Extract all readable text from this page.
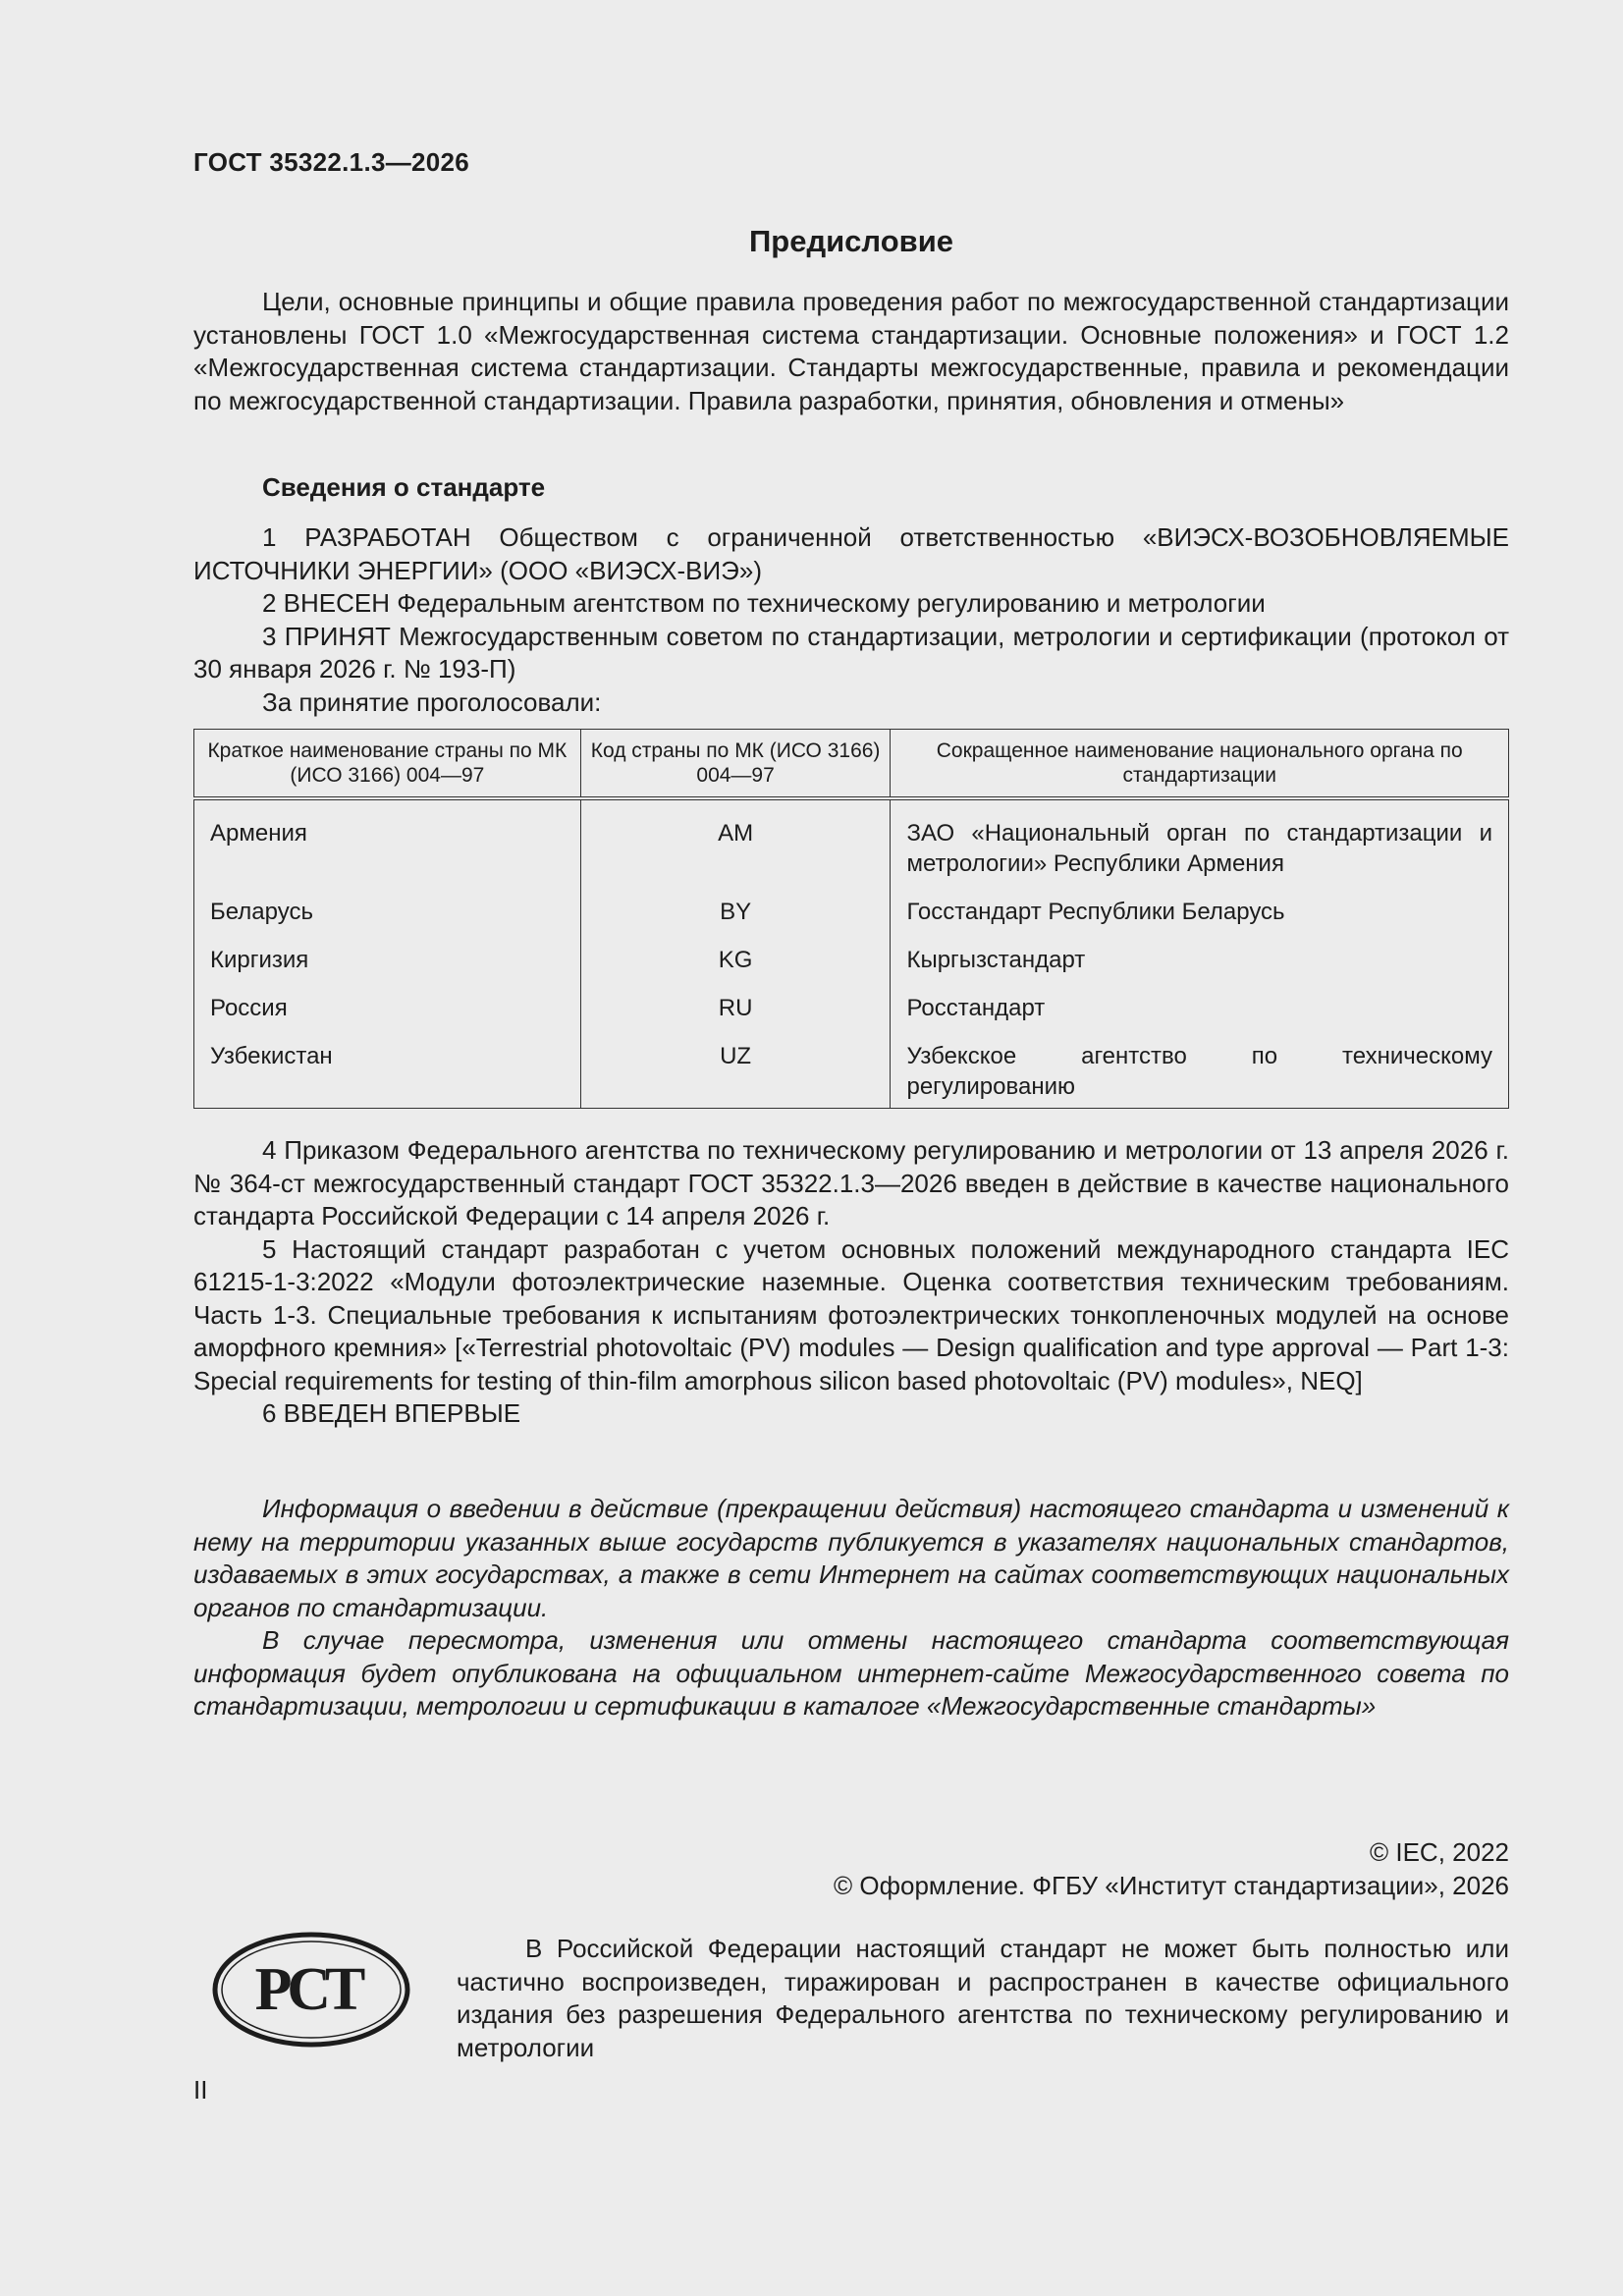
ГОСТ 35322.1.3—2026
Предисловие

Цели, основные принципы и общие правила проведения работ по межгосударственной стандартизации установлены ГОСТ 1.0 «Межгосударственная система стандартизации. Основные положения» и ГОСТ 1.2 «Межгосударственная система стандартизации. Стандарты межгосударственные, правила и рекомендации по межгосударственной стандартизации. Правила разработки, принятия, обновления и отмены»

Сведения о стандарте

1 РАЗРАБОТАН Обществом с ограниченной ответственностью «ВИЭСХ-ВОЗОБНОВЛЯЕМЫЕ ИСТОЧНИКИ ЭНЕРГИИ» (ООО «ВИЭСХ-ВИЭ»)

2 ВНЕСЕН Федеральным агентством по техническому регулированию и метрологии

3 ПРИНЯТ Межгосударственным советом по стандартизации, метрологии и сертификации (протокол от 30 января 2026 г. № 193-П)

За принятие проголосовали:

Краткое наименование страны по МК (ИСО 3166) 004—97	Код страны по МК (ИСО 3166) 004—97	Сокращенное наименование национального органа по стандартизации
Армения	AM	ЗАО «Национальный орган по стандартизации и метрологии» Республики Армения

Беларусь	BY	Госстандарт Республики Беларусь

Киргизия	KG	Кыргызстандарт

Россия	RU	Росстандарт

Узбекистан	UZ	Узбекское агентство по техническому регулированию

4 Приказом Федерального агентства по техническому регулированию и метрологии от 13 апреля 2026 г. № 364-ст межгосударственный стандарт ГОСТ 35322.1.3—2026 введен в действие в качестве национального стандарта Российской Федерации с 14 апреля 2026 г.

5 Настоящий стандарт разработан с учетом основных положений международного стандарта IEC 61215-1-3:2022 «Модули фотоэлектрические наземные. Оценка соответствия техническим требованиям. Часть 1-3. Специальные требования к испытаниям фотоэлектрических тонкопленочных модулей на основе аморфного кремния» [«Terrestrial photovoltaic (PV) modules — Design qualification and type approval — Part 1-3: Special requirements for testing of thin-film amorphous silicon based photovoltaic (PV) modules», NEQ]

6 ВВЕДЕН ВПЕРВЫЕ

Информация о введении в действие (прекращении действия) настоящего стандарта и изменений к нему на территории указанных выше государств публикуется в указателях национальных стандартов, издаваемых в этих государствах, а также в сети Интернет на сайтах соответствующих национальных органов по стандартизации.

В случае пересмотра, изменения или отмены настоящего стандарта соответствующая информация будет опубликована на официальном интернет-сайте Межгосударственного совета по стандартизации, метрологии и сертификации в каталоге «Межгосударственные стандарты»

© IEC, 2022
© Оформление. ФГБУ «Институт стандартизации», 2026
РСТ

В Российской Федерации настоящий стандарт не может быть полностью или частично воспроизведен, тиражирован и распространен в качестве официального издания без разрешения Федерального агентства по техническому регулированию и метрологии

II
